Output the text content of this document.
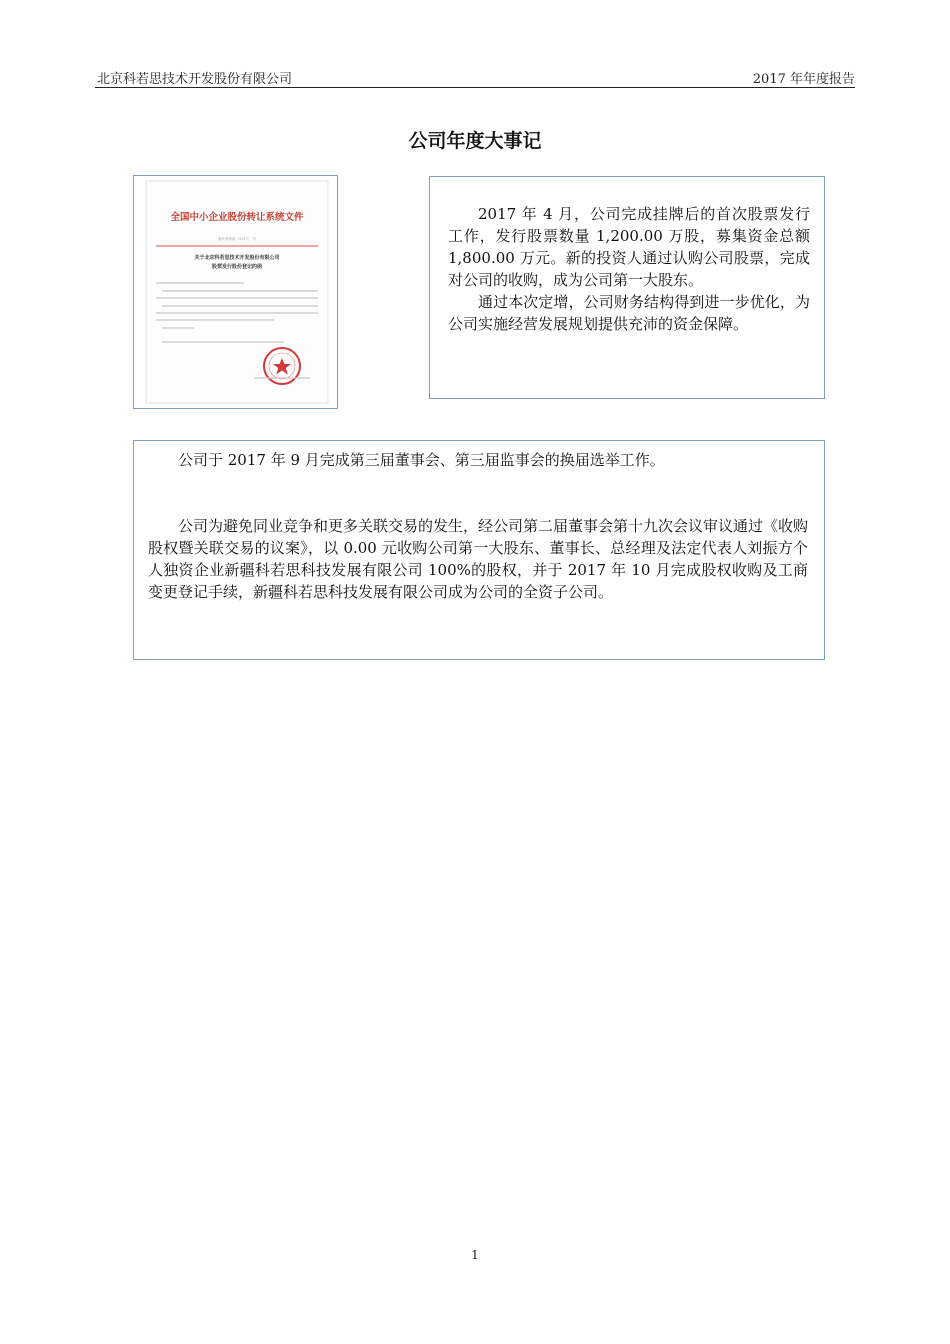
北京科若思技术开发股份有限公司	2017 年年度报告
公司年度大事记
全国中小企业股份转让系统文件
股转系统函〔2017〕 号
关于北京科若思技术开发股份有限公司
股票发行股份登记的函

2017 年 4 月，公司完成挂牌后的首次股票发行工作，发行股票数量 1,200.00 万股，募集资金总额 1,800.00 万元。新的投资人通过认购公司股票，完成对公司的收购，成为公司第一大股东。

通过本次定增，公司财务结构得到进一步优化，为公司实施经营发展规划提供充沛的资金保障。

公司于 2017 年 9 月完成第三届董事会、第三届监事会的换届选举工作。

公司为避免同业竞争和更多关联交易的发生，经公司第二届董事会第十九次会议审议通过《收购股权暨关联交易的议案》，以 0.00 元收购公司第一大股东、董事长、总经理及法定代表人刘振方个人独资企业新疆科若思科技发展有限公司 100%的股权，并于 2017 年 10 月完成股权收购及工商变更登记手续，新疆科若思科技发展有限公司成为公司的全资子公司。

1
